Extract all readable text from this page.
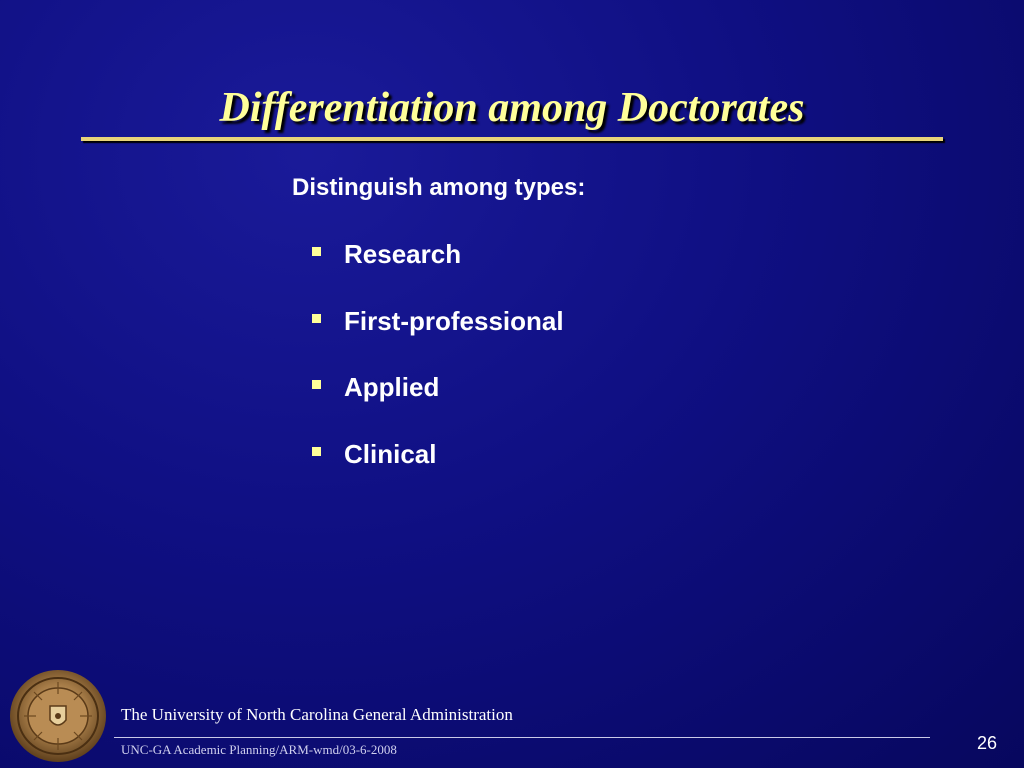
Differentiation among Doctorates

Distinguish among types:

Research
First-professional
Applied
Clinical
The University of North Carolina General Administration
UNC-GA Academic Planning/ARM-wmd/03-6-2008	26
